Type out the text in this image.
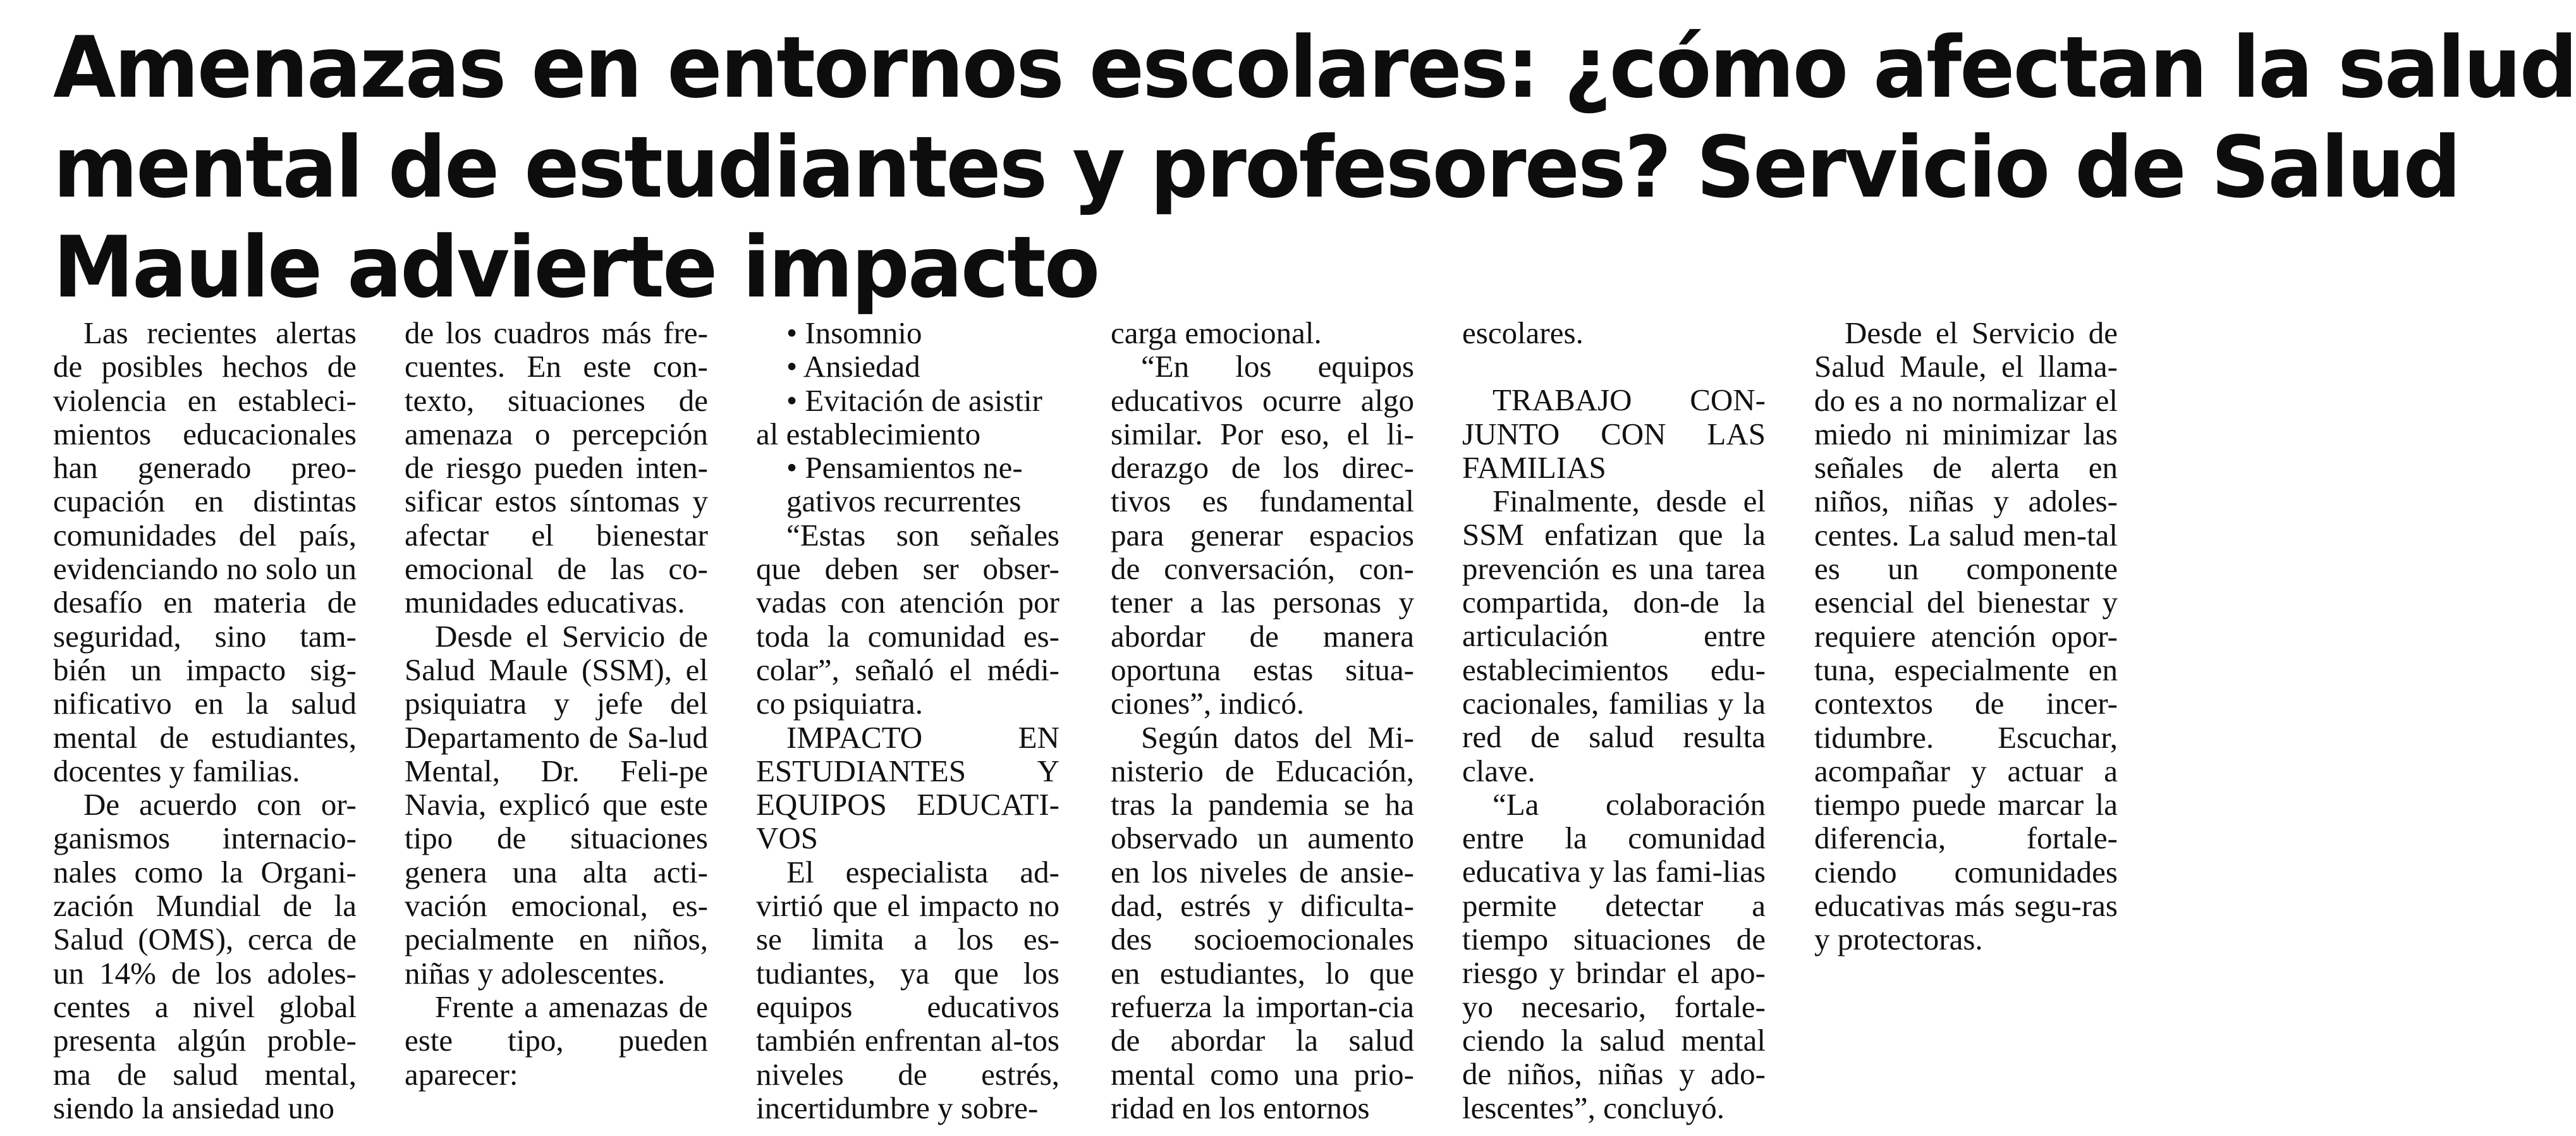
Amenazas en entornos escolares: ¿cómo afectan la salud
mental de estudiantes y profesores? Servicio de Salud
Maule advierte impacto

Las recientes alertas de posibles hechos de violencia en estableci-mientos educacionales han generado preo-cupación en distintas comunidades del país, evidenciando no solo un desafío en materia de seguridad, sino tam-bién un impacto sig-nificativo en la salud mental de estudiantes, docentes y familias.

De acuerdo con or-ganismos internacio-nales como la Organi-zación Mundial de la Salud (OMS), cerca de un 14% de los adoles-centes a nivel global presenta algún proble-ma de salud mental, siendo la ansiedad uno

de los cuadros más fre-cuentes. En este con-texto, situaciones de amenaza o percepción de riesgo pueden inten-sificar estos síntomas y afectar el bienestar emocional de las co-munidades educativas.

Desde el Servicio de Salud Maule (SSM), el psiquiatra y jefe del Departamento de Sa-lud Mental, Dr. Feli-pe Navia, explicó que este tipo de situaciones genera una alta acti-vación emocional, es-pecialmente en niños, niñas y adolescentes.

Frente a amenazas de este tipo, pueden aparecer:

• Insomnio

• Ansiedad

• Evitación de asistir

al establecimiento

• Pensamientos ne-

gativos recurrentes

“Estas son señales que deben ser obser-vadas con atención por toda la comunidad es-colar”, señaló el médi-co psiquiatra.

IMPACTO EN

ESTUDIANTES Y

EQUIPOS EDUCATI-

VOS

El especialista ad-virtió que el impacto no se limita a los es-tudiantes, ya que los equipos educativos también enfrentan al-tos niveles de estrés, incertidumbre y sobre-

carga emocional.

“En los equipos educativos ocurre algo similar. Por eso, el li-derazgo de los direc-tivos es fundamental para generar espacios de conversación, con-tener a las personas y abordar de manera oportuna estas situa-ciones”, indicó.

Según datos del Mi-nisterio de Educación, tras la pandemia se ha observado un aumento en los niveles de ansie-dad, estrés y dificulta-des socioemocionales en estudiantes, lo que refuerza la importan-cia de abordar la salud mental como una prio-ridad en los entornos

escolares.

TRABAJO CON-

JUNTO CON LAS

FAMILIAS

Finalmente, desde el SSM enfatizan que la prevención es una tarea compartida, don-de la articulación entre establecimientos edu-cacionales, familias y la red de salud resulta clave.

“La colaboración entre la comunidad educativa y las fami-lias permite detectar a tiempo situaciones de riesgo y brindar el apo-yo necesario, fortale-ciendo la salud mental de niños, niñas y ado-lescentes”, concluyó.

Desde el Servicio de Salud Maule, el llama-do es a no normalizar el miedo ni minimizar las señales de alerta en niños, niñas y adoles-centes. La salud men-tal es un componente esencial del bienestar y requiere atención opor-tuna, especialmente en contextos de incer-tidumbre. Escuchar, acompañar y actuar a tiempo puede marcar la diferencia, fortale-ciendo comunidades educativas más segu-ras y protectoras.
